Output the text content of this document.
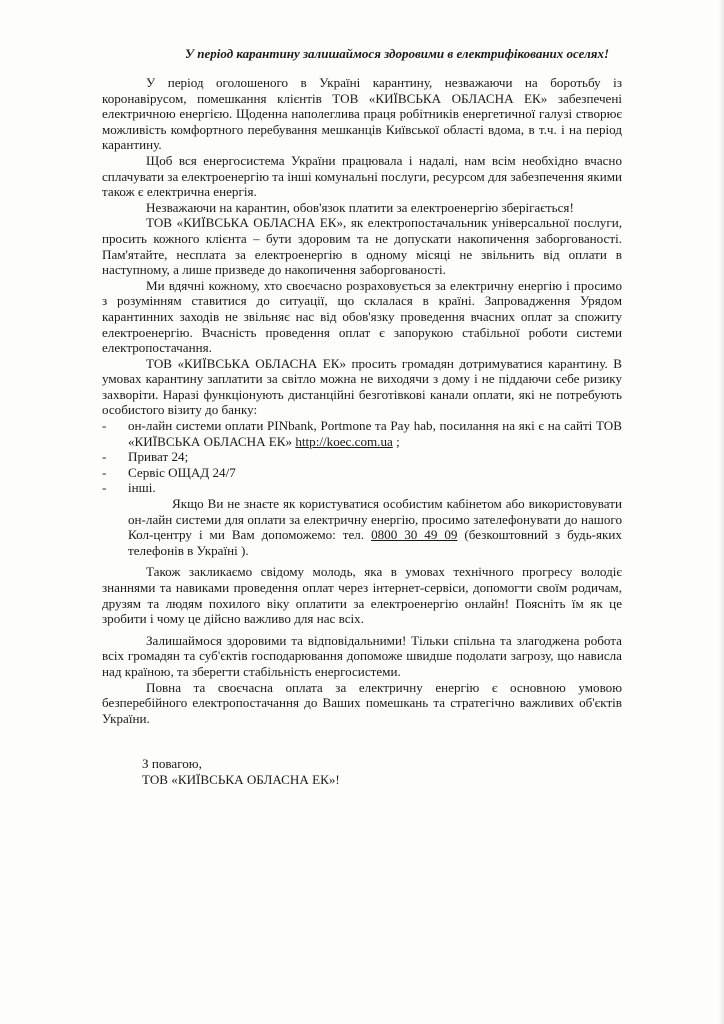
У період карантину залишаймося здоровими в електрифікованих оселях!

У період оголошеного в Україні карантину, незважаючи на боротьбу із коронавірусом, помешкання клієнтів ТОВ «КИЇВСЬКА ОБЛАСНА ЕК» забезпечені електричною енергією. Щоденна наполеглива праця робітників енергетичної галузі створює можливість комфортного перебування мешканців Київської області вдома, в т.ч. і на період карантину.

Щоб вся енергосистема України працювала і надалі, нам всім необхідно вчасно сплачувати за електроенергію та інші комунальні послуги, ресурсом для забезпечення якими також є електрична енергія.

Незважаючи на карантин, обов'язок платити за електроенергію зберігається!

ТОВ «КИЇВСЬКА ОБЛАСНА ЕК», як електропостачальник універсальної послуги, просить кожного клієнта – бути здоровим та не допускати накопичення заборгованості. Пам'ятайте, несплата за електроенергію в одному місяці не звільнить від оплати в наступному, а лише призведе до накопичення заборгованості.

Ми вдячні кожному, хто своєчасно розраховується за електричну енергію і просимо з розумінням ставитися до ситуації, що склалася в країні. Запровадження Урядом карантинних заходів не звільняє нас від обов'язку проведення вчасних оплат за спожиту електроенергію. Вчасність проведення оплат є запорукою стабільної роботи системи електропостачання.

ТОВ «КИЇВСЬКА ОБЛАСНА ЕК» просить громадян дотримуватися карантину. В умовах карантину заплатити за світло можна не виходячи з дому і не піддаючи себе ризику захворіти. Наразі функціонують дистанційні безготівкові канали оплати, які не потребують особистого візиту до банку:

- он-лайн системи оплати PINbank, Portmone та Pay hab, посилання на які є на сайті ТОВ «КИЇВСЬКА ОБЛАСНА ЕК» http://koec.com.ua ;
- Приват 24;
- Сервіс ОЩАД 24/7
- інші.

Якщо Ви не знаєте як користуватися особистим кабінетом або використовувати он-лайн системи для оплати за електричну енергію, просимо зателефонувати до нашого Кол-центру і ми Вам допоможемо: тел. 0800 30 49 09 (безкоштовний з будь-яких телефонів в Україні ).

Також закликаємо свідому молодь, яка в умовах технічного прогресу володіє знаннями та навиками проведення оплат через інтернет-сервіси, допомогти своїм родичам, друзям та людям похилого віку оплатити за електроенергію онлайн! Поясніть їм як це зробити і чому це дійсно важливо для нас всіх.

Залишаймося здоровими та відповідальними! Тільки спільна та злагоджена робота всіх громадян та суб'єктів господарювання допоможе швидше подолати загрозу, що нависла над країною, та зберегти стабільність енергосистеми.

Повна та своєчасна оплата за електричну енергію є основною умовою безперебійного електропостачання до Ваших помешкань та стратегічно важливих об'єктів України.

З повагою,
ТОВ «КИЇВСЬКА ОБЛАСНА ЕК»!
